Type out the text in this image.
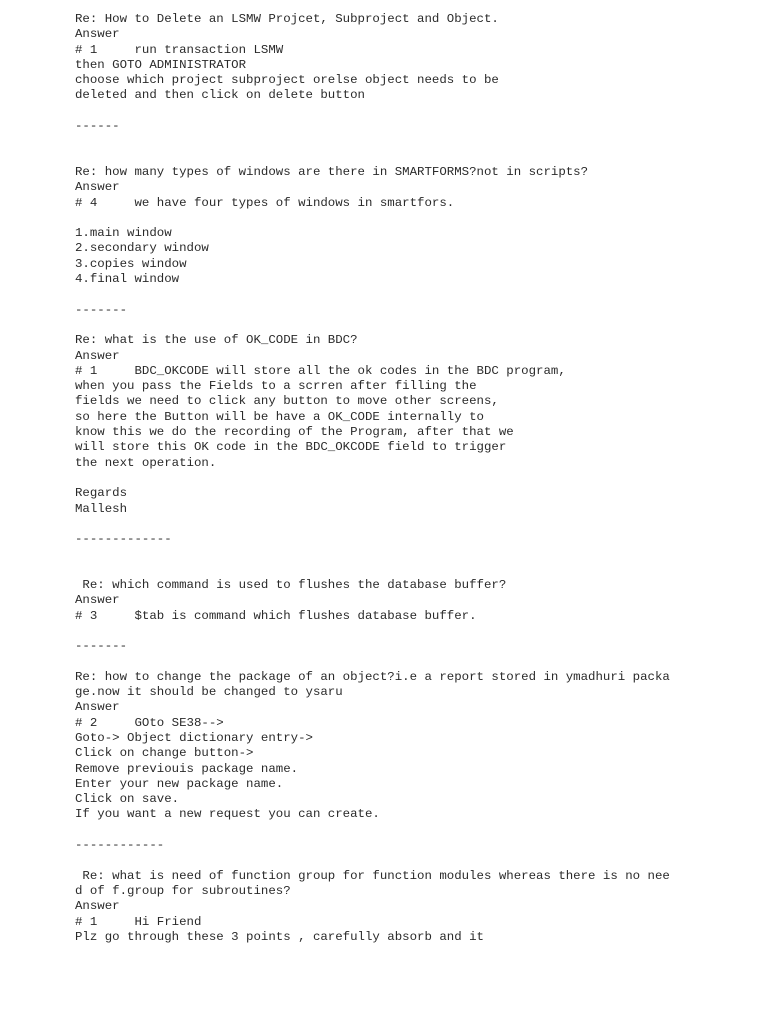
Re: How to Delete an LSMW Projcet, Subproject and Object.
Answer
# 1     run transaction LSMW
then GOTO ADMINISTRATOR
choose which project subproject orelse object needs to be
deleted and then click on delete button
------
Re: how many types of windows are there in SMARTFORMS?not in scripts?
Answer
# 4     we have four types of windows in smartfors.
1.main window
2.secondary window
3.copies window
4.final window
-------
Re: what is the use of OK_CODE in BDC?
Answer
# 1     BDC_OKCODE will store all the ok codes in the BDC program,
when you pass the Fields to a scrren after filling the
fields we need to click any button to move other screens,
so here the Button will be have a OK_CODE internally to
know this we do the recording of the Program, after that we
will store this OK code in the BDC_OKCODE field to trigger
the next operation.
Regards
Mallesh
-------------
Re: which command is used to flushes the database buffer?
Answer
# 3     $tab is command which flushes database buffer.
-------
Re: how to change the package of an object?i.e a report stored in ymadhuri packa
ge.now it should be changed to ysaru
Answer
# 2     GOto SE38-->
Goto-> Object dictionary entry->
Click on change button->
Remove previouis package name.
Enter your new package name.
Click on save.
If you want a new request you can create.
------------
Re: what is need of function group for function modules whereas there is no nee
d of f.group for subroutines?
Answer
# 1     Hi Friend
Plz go through these 3 points , carefully absorb and it
